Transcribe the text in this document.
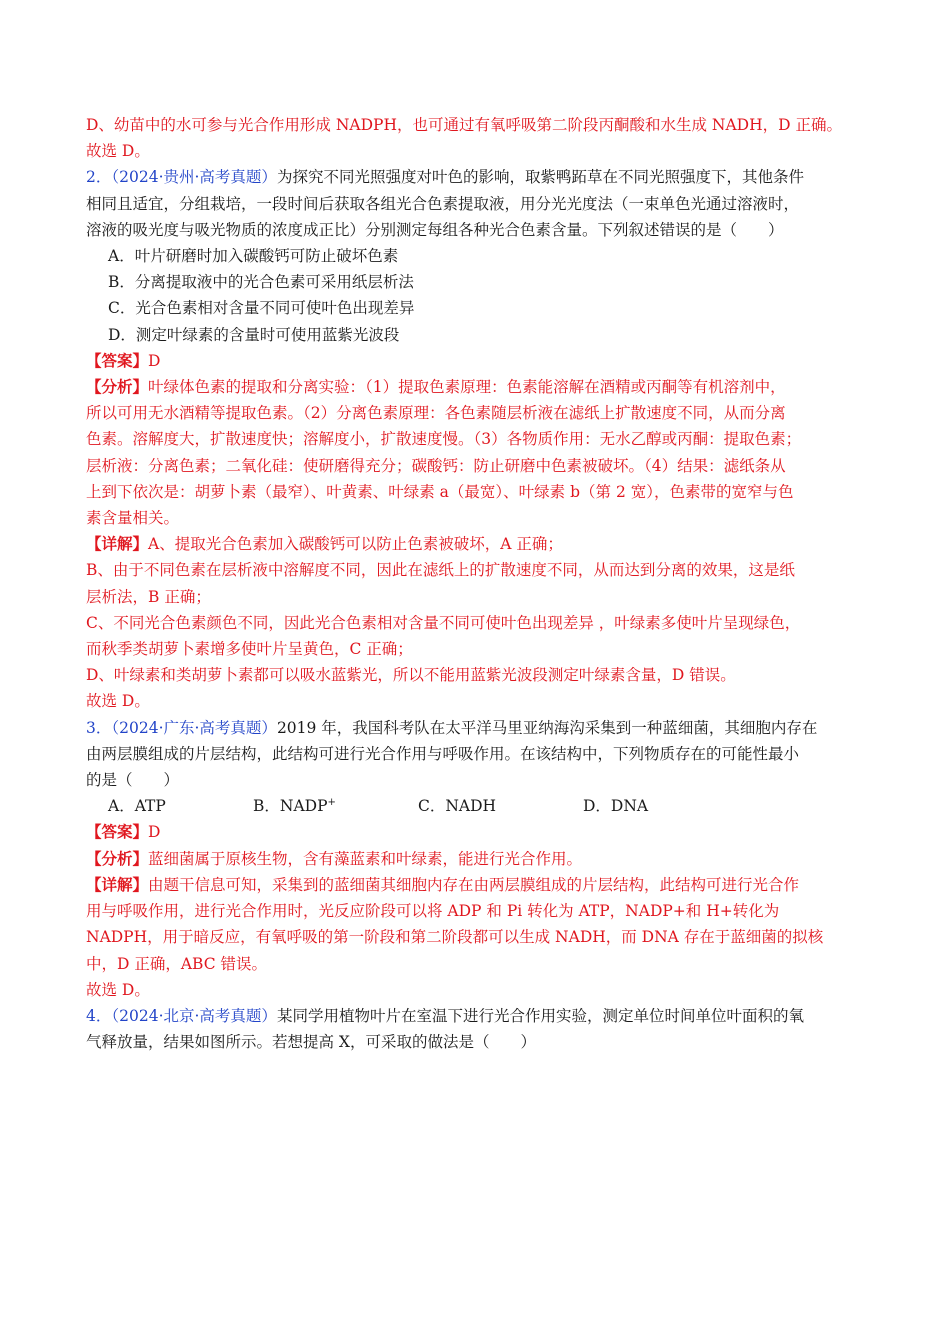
D、幼苗中的水可参与光合作用形成 NADPH，也可通过有氧呼吸第二阶段丙酮酸和水生成 NADH，D 正确。
故选 D。
2．（2024·贵州·高考真题）为探究不同光照强度对叶色的影响，取紫鸭跖草在不同光照强度下，其他条件
相同且适宜，分组栽培，一段时间后获取各组光合色素提取液，用分光光度法（一束单色光通过溶液时，
溶液的吸光度与吸光物质的浓度成正比）分别测定每组各种光合色素含量。下列叙述错误的是（　　）
A．叶片研磨时加入碳酸钙可防止破坏色素
B．分离提取液中的光合色素可采用纸层析法
C．光合色素相对含量不同可使叶色出现差异
D．测定叶绿素的含量时可使用蓝紫光波段
【答案】D
【分析】叶绿体色素的提取和分离实验：（1）提取色素原理：色素能溶解在酒精或丙酮等有机溶剂中，
所以可用无水酒精等提取色素。（2）分离色素原理：各色素随层析液在滤纸上扩散速度不同，从而分离
色素。溶解度大，扩散速度快；溶解度小，扩散速度慢。（3）各物质作用：无水乙醇或丙酮：提取色素；
层析液：分离色素；二氧化硅：使研磨得充分；碳酸钙：防止研磨中色素被破坏。（4）结果：滤纸条从
上到下依次是：胡萝卜素（最窄）、叶黄素、叶绿素 a（最宽）、叶绿素 b（第 2 宽），色素带的宽窄与色
素含量相关。
【详解】A、提取光合色素加入碳酸钙可以防止色素被破坏，A 正确；
B、由于不同色素在层析液中溶解度不同，因此在滤纸上的扩散速度不同，从而达到分离的效果，这是纸
层析法，B 正确；
C、不同光合色素颜色不同，因此光合色素相对含量不同可使叶色出现差异 ，叶绿素多使叶片呈现绿色，
而秋季类胡萝卜素增多使叶片呈黄色，C 正确；
D、叶绿素和类胡萝卜素都可以吸水蓝紫光，所以不能用蓝紫光波段测定叶绿素含量，D 错误。
故选 D。
3．（2024·广东·高考真题）2019 年，我国科考队在太平洋马里亚纳海沟采集到一种蓝细菌，其细胞内存在
由两层膜组成的片层结构，此结构可进行光合作用与呼吸作用。在该结构中，下列物质存在的可能性最小
的是（　　）
A．ATP	B．NADP+	C．NADH	D．DNA
【答案】D
【分析】蓝细菌属于原核生物，含有藻蓝素和叶绿素，能进行光合作用。
【详解】由题干信息可知，采集到的蓝细菌其细胞内存在由两层膜组成的片层结构，此结构可进行光合作
用与呼吸作用，进行光合作用时，光反应阶段可以将 ADP 和 Pi 转化为 ATP，NADP+和 H+转化为
NADPH，用于暗反应，有氧呼吸的第一阶段和第二阶段都可以生成 NADH，而 DNA 存在于蓝细菌的拟核
中，D 正确，ABC 错误。
故选 D。
4．（2024·北京·高考真题）某同学用植物叶片在室温下进行光合作用实验，测定单位时间单位叶面积的氧
气释放量，结果如图所示。若想提高 X，可采取的做法是（　　）
